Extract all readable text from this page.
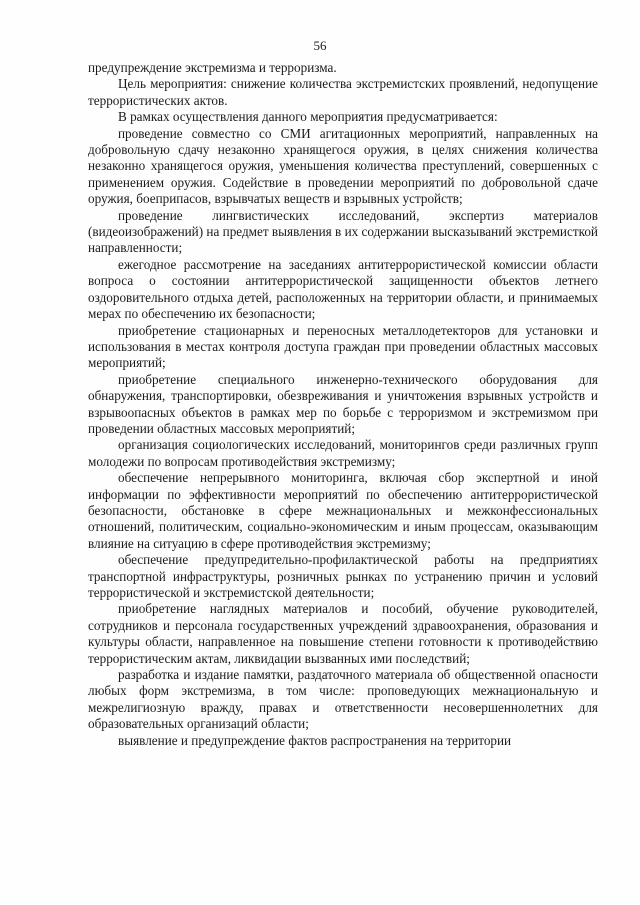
56

предупреждение экстремизма и терроризма.

Цель мероприятия: снижение количества экстремистских проявлений, недопущение террористических актов.

В рамках осуществления данного мероприятия предусматривается:

проведение совместно со СМИ агитационных мероприятий, направленных на добровольную сдачу незаконно хранящегося оружия, в целях снижения количества незаконно хранящегося оружия, уменьшения количества преступлений, совершенных с применением оружия. Содействие в проведении мероприятий по добровольной сдаче оружия, боеприпасов, взрывчатых веществ и взрывных устройств;

проведение лингвистических исследований, экспертиз материалов (видеоизображений) на предмет выявления в их содержании высказываний экстремисткой направленности;

ежегодное рассмотрение на заседаниях антитеррористической комиссии области вопроса о состоянии антитеррористической защищенности объектов летнего оздоровительного отдыха детей, расположенных на территории области, и принимаемых мерах по обеспечению их безопасности;

приобретение стационарных и переносных металлодетекторов для установки и использования в местах контроля доступа граждан при проведении областных массовых мероприятий;

приобретение специального инженерно-технического оборудования для обнаружения, транспортировки, обезвреживания и уничтожения взрывных устройств и взрывоопасных объектов в рамках мер по борьбе с терроризмом и экстремизмом при проведении областных массовых мероприятий;

организация социологических исследований, мониторингов среди различных групп молодежи по вопросам противодействия экстремизму;

обеспечение непрерывного мониторинга, включая сбор экспертной и иной информации по эффективности мероприятий по обеспечению антитеррористической безопасности, обстановке в сфере межнациональных и межконфессиональных отношений, политическим, социально-экономическим и иным процессам, оказывающим влияние на ситуацию в сфере противодействия экстремизму;

обеспечение предупредительно-профилактической работы на предприятиях транспортной инфраструктуры, розничных рынках по устранению причин и условий террористической и экстремистской деятельности;

приобретение наглядных материалов и пособий, обучение руководителей, сотрудников и персонала государственных учреждений здравоохранения, образования и культуры области, направленное на повышение степени готовности к противодействию террористическим актам, ликвидации вызванных ими последствий;

разработка и издание памятки, раздаточного материала об общественной опасности любых форм экстремизма, в том числе: проповедующих межнациональную и межрелигиозную вражду, правах и ответственности несовершеннолетних для образовательных организаций области;

выявление и предупреждение фактов распространения на территории
